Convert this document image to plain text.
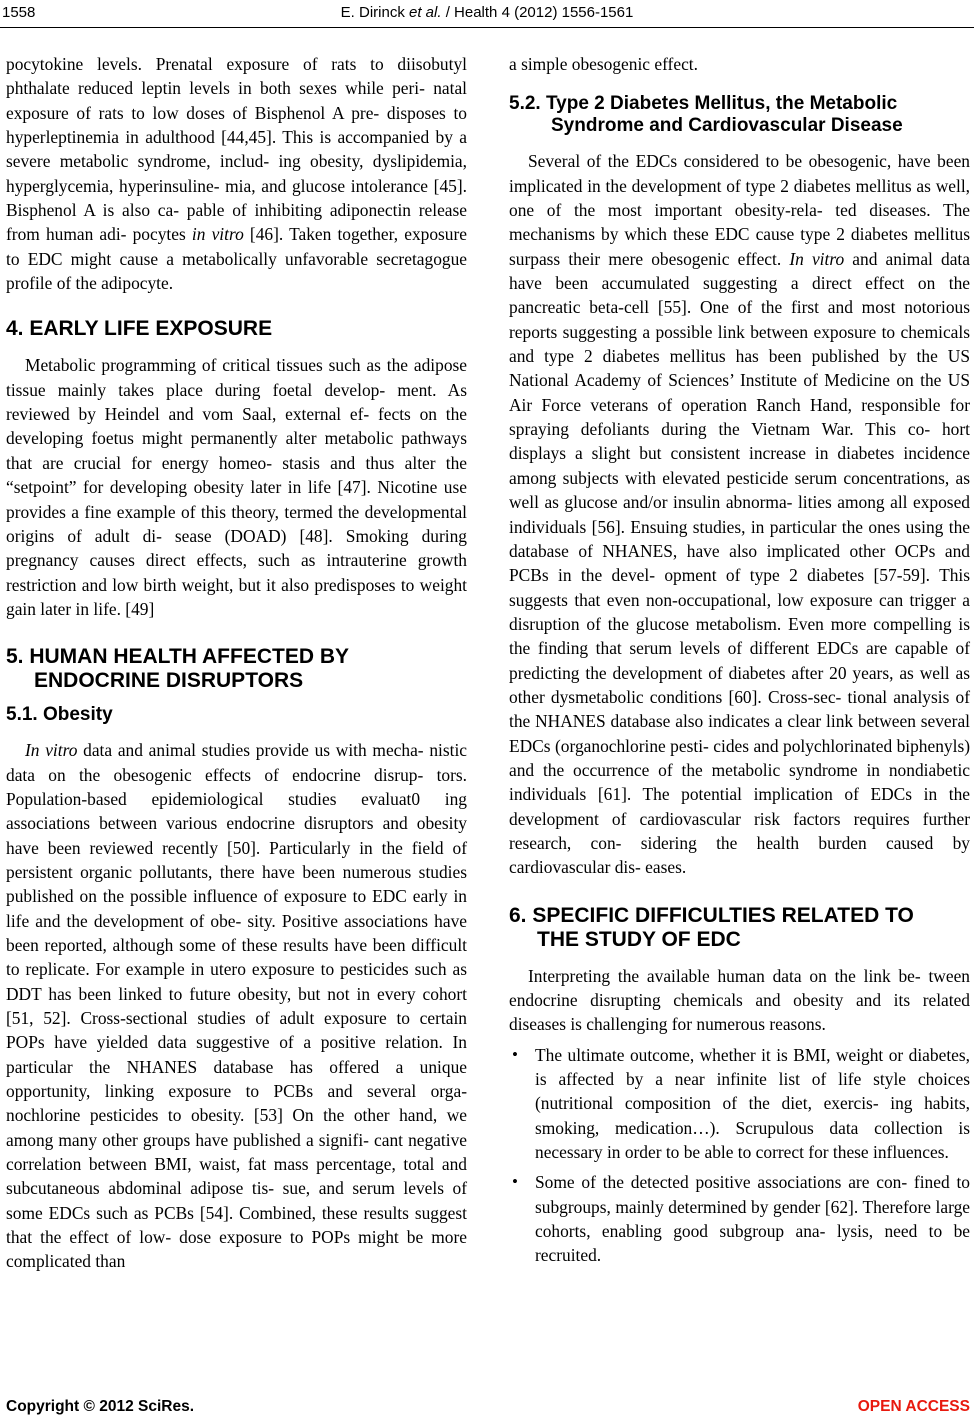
1558	E. Dirinck et al. / Health 4 (2012) 1556-1561

pocytokine levels. Prenatal exposure of rats to diisobutyl phthalate reduced leptin levels in both sexes while peri- natal exposure of rats to low doses of Bisphenol A pre- disposes to hyperleptinemia in adulthood [44,45]. This is accompanied by a severe metabolic syndrome, includ- ing obesity, dyslipidemia, hyperglycemia, hyperinsuline- mia, and glucose intolerance [45]. Bisphenol A is also ca- pable of inhibiting adiponectin release from human adi- pocytes in vitro [46]. Taken together, exposure to EDC might cause a metabolically unfavorable secretagogue profile of the adipocyte.

4. EARLY LIFE EXPOSURE

Metabolic programming of critical tissues such as the adipose tissue mainly takes place during foetal develop- ment. As reviewed by Heindel and vom Saal, external ef- fects on the developing foetus might permanently alter metabolic pathways that are crucial for energy homeo- stasis and thus alter the “setpoint” for developing obesity later in life [47]. Nicotine use provides a fine example of this theory, termed the developmental origins of adult di- sease (DOAD) [48]. Smoking during pregnancy causes direct effects, such as intrauterine growth restriction and low birth weight, but it also predisposes to weight gain later in life. [49]

5. HUMAN HEALTH AFFECTED BY
ENDOCRINE DISRUPTORS
5.1. Obesity

In vitro data and animal studies provide us with mecha- nistic data on the obesogenic effects of endocrine disrup- tors. Population-based epidemiological studies evaluat0 ing associations between various endocrine disruptors and obesity have been reviewed recently [50]. Particularly in the field of persistent organic pollutants, there have been numerous studies published on the possible influence of exposure to EDC early in life and the development of obe- sity. Positive associations have been reported, although some of these results have been difficult to replicate. For example in utero exposure to pesticides such as DDT has been linked to future obesity, but not in every cohort [51, 52]. Cross-sectional studies of adult exposure to certain POPs have yielded data suggestive of a positive relation. In particular the NHANES database has offered a unique opportunity, linking exposure to PCBs and several orga- nochlorine pesticides to obesity. [53] On the other hand, we among many other groups have published a signifi- cant negative correlation between BMI, waist, fat mass percentage, total and subcutaneous abdominal adipose tis- sue, and serum levels of some EDCs such as PCBs [54]. Combined, these results suggest that the effect of low- dose exposure to POPs might be more complicated than

a simple obesogenic effect.

5.2. Type 2 Diabetes Mellitus, the Metabolic
Syndrome and Cardiovascular Disease

Several of the EDCs considered to be obesogenic, have been implicated in the development of type 2 diabetes mellitus as well, one of the most important obesity-rela- ted diseases. The mechanisms by which these EDC cause type 2 diabetes mellitus surpass their mere obesogenic effect. In vitro and animal data have been accumulated suggesting a direct effect on the pancreatic beta-cell [55]. One of the first and most notorious reports suggesting a possible link between exposure to chemicals and type 2 diabetes mellitus has been published by the US National Academy of Sciences’ Institute of Medicine on the US Air Force veterans of operation Ranch Hand, responsible for spraying defoliants during the Vietnam War. This co- hort displays a slight but consistent increase in diabetes incidence among subjects with elevated pesticide serum concentrations, as well as glucose and/or insulin abnorma- lities among all exposed individuals [56]. Ensuing studies, in particular the ones using the database of NHANES, have also implicated other OCPs and PCBs in the devel- opment of type 2 diabetes [57-59]. This suggests that even non-occupational, low exposure can trigger a disruption of the glucose metabolism. Even more compelling is the finding that serum levels of different EDCs are capable of predicting the development of diabetes after 20 years, as well as other dysmetabolic conditions [60]. Cross-sec- tional analysis of the NHANES database also indicates a clear link between several EDCs (organochlorine pesti- cides and polychlorinated biphenyls) and the occurrence of the metabolic syndrome in nondiabetic individuals [61]. The potential implication of EDCs in the development of cardiovascular risk factors requires further research, con- sidering the health burden caused by cardiovascular dis- eases.

6. SPECIFIC DIFFICULTIES RELATED TO
THE STUDY OF EDC

Interpreting the available human data on the link be- tween endocrine disrupting chemicals and obesity and its related diseases is challenging for numerous reasons.

• The ultimate outcome, whether it is BMI, weight or diabetes, is affected by a near infinite list of life style choices (nutritional composition of the diet, exercis- ing habits, smoking, medication…). Scrupulous data collection is necessary in order to be able to correct for these influences.

• Some of the detected positive associations are con- fined to subgroups, mainly determined by gender [62]. Therefore large cohorts, enabling good subgroup ana- lysis, need to be recruited.

Copyright © 2012 SciRes.	OPEN ACCESS
